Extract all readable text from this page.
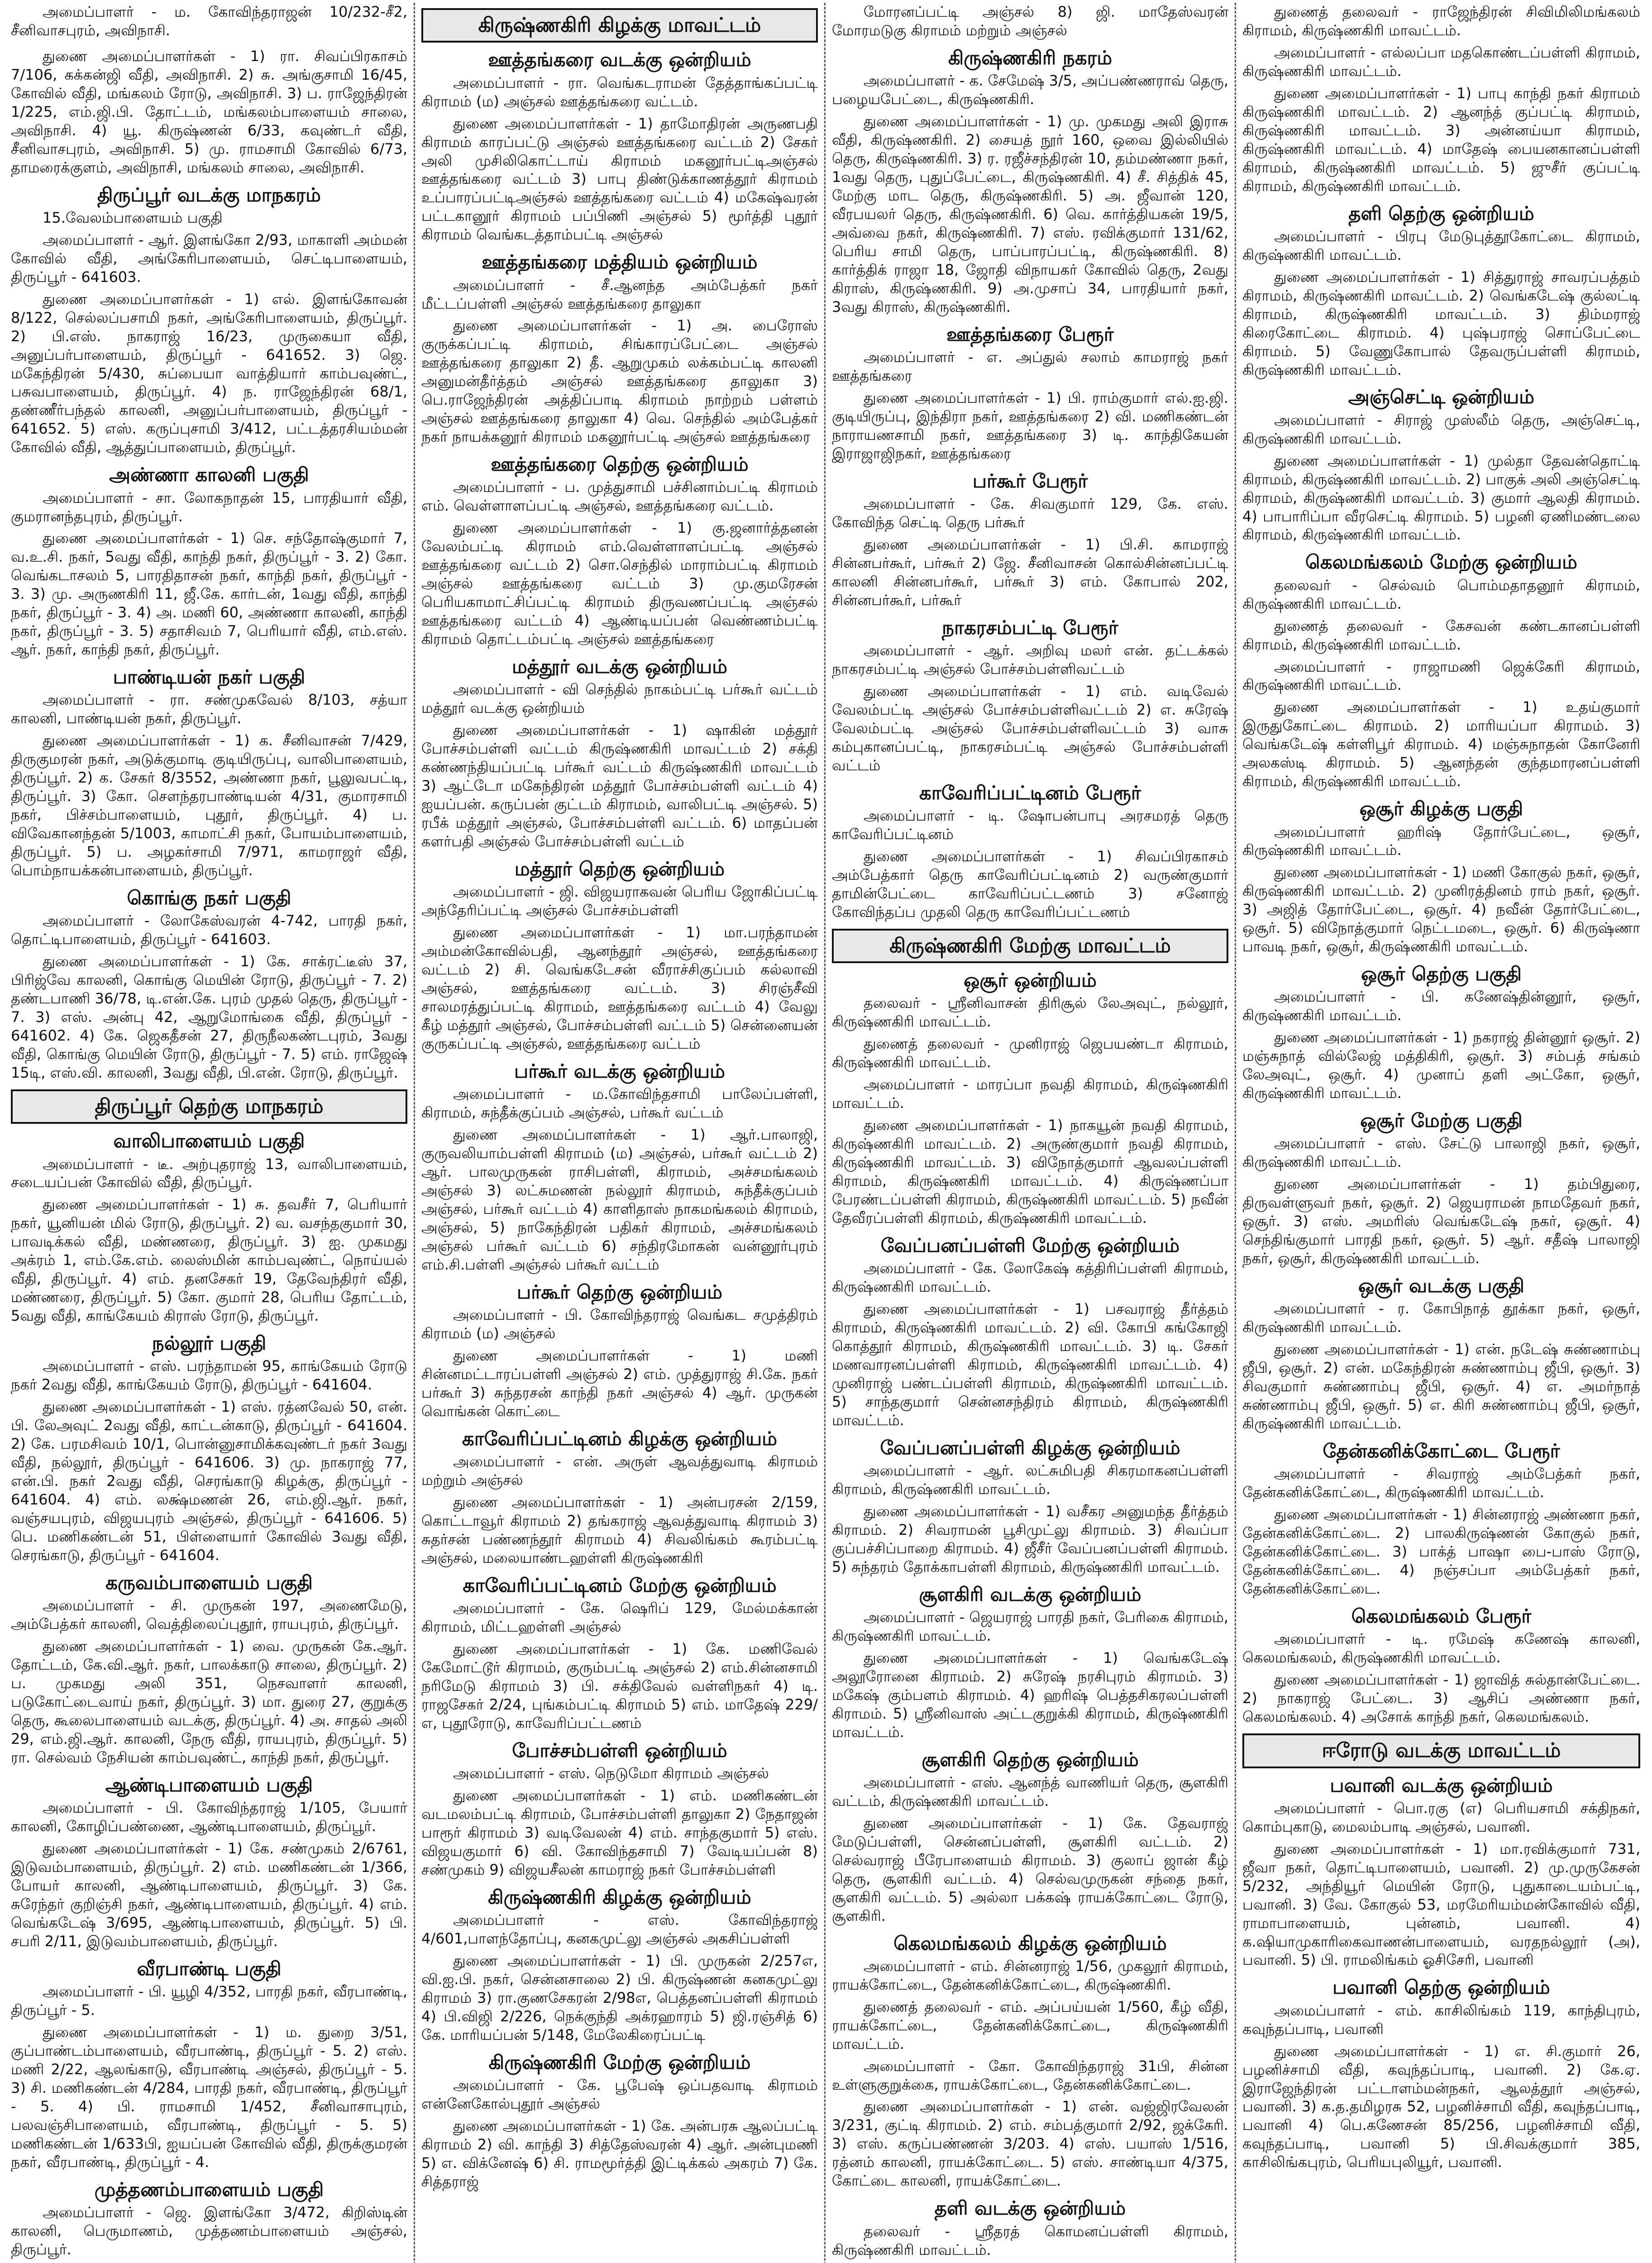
அமைப்பாளர் - ம. கோவிந்தராஜன் 10/232-சீ2, சீனிவாசபுரம், அவிநாசி.
துணை அமைப்பாளர்கள் - 1) ரா. சிவப்பிரகாசம் 7/106, கக்கன்ஜி வீதி, அவிநாசி. 2) சு. அங்குசாமி 16/45, கோவில் வீதி, மங்கலம் ரோடு, அவிநாசி. 3) ப. ராஜேந்திரன் 1/225, எம்.ஜி.பி. தோட்டம், மங்கலம்பாளையம் சாலை, அவிநாசி. 4) யூ. கிருஷ்ணன் 6/33, கவுண்டர் வீதி, சீனிவாசபுரம், அவிநாசி. 5) மு. ராமசாமி கோவில் 6/73, தாமரைக்குளம், அவிநாசி, மங்கலம் சாலை, அவிநாசி.
திருப்பூர் வடக்கு மாநகரம்
15.வேலம்பாளையம் பகுதி
அமைப்பாளர் - ஆர். இளங்கோ 2/93, மாகாளி அம்மன் கோவில் வீதி, அங்கேரிபாளையம், செட்டிபாளையம், திருப்பூர் - 641603.
துணை அமைப்பாளர்கள் - 1) எல். இளங்கோவன் 8/122, செல்லப்பசாமி நகர், அங்கேரிபாளையம், திருப்பூர். 2) பி.எஸ். நாகராஜ் 16/23, முருகையா வீதி, அனுப்பர்பாளையம், திருப்பூர் - 641652. 3) ஜெ. மகேந்திரன் 5/430, சுப்பையா வாத்தியார் காம்பவுண்ட், பசுவபாளையம், திருப்பூர். 4) ந. ராஜேந்திரன் 68/1, தண்ணீர்பந்தல் காலனி, அனுப்பர்பாளையம், திருப்பூர் - 641652. 5) எஸ். கருப்புசாமி 3/412, பட்டத்தரசியம்மன் கோவில் வீதி, ஆத்துப்பாளையம், திருப்பூர்.
அண்ணா காலனி பகுதி
அமைப்பாளர் - சா. லோகநாதன் 15, பாரதியார் வீதி, குமரானந்தபுரம், திருப்பூர்.
துணை அமைப்பாளர்கள் - 1) செ. சந்தோஷ்குமார் 7, வ.உ.சி. நகர், 5வது வீதி, காந்தி நகர், திருப்பூர் - 3. 2) கோ. வெங்கடாசலம் 5, பாரதிதாசன் நகர், காந்தி நகர், திருப்பூர் - 3. 3) மு. அருணகிரி 11, ஜீ.கே. கார்டன், 1வது வீதி, காந்தி நகர், திருப்பூர் - 3. 4) அ. மணி 60, அண்ணா காலனி, காந்தி நகர், திருப்பூர் - 3. 5) சதாசிவம் 7, பெரியார் வீதி, எம்.எஸ். ஆர். நகர், காந்தி நகர், திருப்பூர்.
பாண்டியன் நகர் பகுதி
அமைப்பாளர் - ரா. சண்முகவேல் 8/103, சத்யா காலனி, பாண்டியன் நகர், திருப்பூர்.
துணை அமைப்பாளர்கள் - 1) க. சீனிவாசன் 7/429, திருகுமரன் நகர், அடுக்குமாடி குடியிருப்பு, வாலிபாளையம், திருப்பூர். 2) க. சேகர் 8/3552, அண்ணா நகர், பூலுவபட்டி, திருப்பூர். 3) கோ. செளந்தரபாண்டியன் 4/31, குமாரசாமி நகர், பிச்சம்பாளையம், புதூர், திருப்பூர். 4) ப. விவேகானந்தன் 5/1003, காமாட்சி நகர், போயம்பாளையம், திருப்பூர். 5) ப. அழகர்சாமி 7/971, காமராஜர் வீதி, பொம்நாயக்கன்பாளையம், திருப்பூர்.
கொங்கு நகர் பகுதி
அமைப்பாளர் - லோகேஸ்வரன் 4-742, பாரதி நகர், தொட்டிபாளையம், திருப்பூர் - 641603.
துணை அமைப்பாளர்கள் - 1) கே. சாக்ரட்டீஸ் 37, பிரிஜ்வே காலனி, கொங்கு மெயின் ரோடு, திருப்பூர் - 7. 2) தண்டபாணி 36/78, டி.என்.கே. புரம் முதல் தெரு, திருப்பூர் - 7. 3) எஸ். அன்பு 42, ஆறுமோங்கை வீதி, திருப்பூர் - 641602. 4) கே. ஜெகதீசன் 27, திருநீலகண்டபுரம், 3வது வீதி, கொங்கு மெயின் ரோடு, திருப்பூர் - 7. 5) எம். ராஜேஷ் 15டி, எஸ்.வி. காலனி, 3வது வீதி, பி.என். ரோடு, திருப்பூர்.
திருப்பூர் தெற்கு மாநகரம்
வாலிபாளையம் பகுதி
அமைப்பாளர் - டீ. அற்புதராஜ் 13, வாலிபாளையம், சடையப்பன் கோவில் வீதி, திருப்பூர்.
துணை அமைப்பாளர்கள் - 1) சு. தவசீர் 7, பெரியார் நகர், யூனியன் மில் ரோடு, திருப்பூர். 2) வ. வசந்தகுமார் 30, பாவடிக்கல் வீதி, மண்ணரை, திருப்பூர். 3) ஐ. முகமது அக்ரம் 1, எம்.கே.எம். லைஸ்மின் காம்பவுண்ட், நொய்யல் வீதி, திருப்பூர். 4) எம். தனசேகர் 19, தேவேந்திரர் வீதி, மண்ணரை, திருப்பூர். 5) கோ. குமார் 28, பெரிய தோட்டம், 5வது வீதி, காங்கேயம் கிராஸ் ரோடு, திருப்பூர்.
நல்லூர் பகுதி
அமைப்பாளர் - எஸ். பரந்தாமன் 95, காங்கேயம் ரோடு நகர் 2வது வீதி, காங்கேயம் ரோடு, திருப்பூர் - 641604.
துணை அமைப்பாளர்கள் - 1) எஸ். ரத்னவேல் 50, என். பி. லேஅவுட் 2வது வீதி, காட்டன்காடு, திருப்பூர் - 641604. 2) கே. பரமசிவம் 10/1, பொன்னுசாமிக்கவுண்டர் நகர் 3வது வீதி, நல்லூர், திருப்பூர் - 641606. 3) மு. நாகராஜ் 77, என்.பி. நகர் 2வது வீதி, செரங்காடு கிழக்கு, திருப்பூர் - 641604. 4) எம். லக்ஷ்மணன் 26, எம்.ஜி.ஆர். நகர், வஞ்சயபுரம், விஜயபுரம் அஞ்சல், திருப்பூர் - 641606. 5) பெ. மணிகண்டன் 51, பிள்ளையார் கோவில் 3வது வீதி, செரங்காடு, திருப்பூர் - 641604.
கருவம்பாளையம் பகுதி
அமைப்பாளர் - சி. முருகன் 197, அணைமேடு, அம்பேத்கர் காலனி, வெத்திலைப்புதூர், ராயபுரம், திருப்பூர்.
துணை அமைப்பாளர்கள் - 1) வை. முருகன் கே.ஆர். தோட்டம், கே.வி.ஆர். நகர், பாலக்காடு சாலை, திருப்பூர். 2) ப. முகமது அலி 351, நெசவாளர் காலனி, படுகோட்டைவாய் நகர், திருப்பூர். 3) மா. துரை 27, குறுக்கு தெரு, கூலைபாளையம் வடக்கு, திருப்பூர். 4) அ. சாதல் அலி 29, எம்.ஜி.ஆர். காலனி, நேரு வீதி, ராயபுரம், திருப்பூர். 5) ரா. செல்வம் நேசியன் காம்பவுண்ட், காந்தி நகர், திருப்பூர்.
ஆண்டிபாளையம் பகுதி
அமைப்பாளர் - பி. கோவிந்தராஜ் 1/105, பேயார் காலனி, கோழிப்பண்ணை, ஆண்டிபாளையம், திருப்பூர்.
துணை அமைப்பாளர்கள் - 1) கே. சண்முகம் 2/6761, இடுவம்பாளையம், திருப்பூர். 2) எம். மணிகண்டன் 1/366, போயர் காலனி, ஆண்டிபாளையம், திருப்பூர். 3) கே. சுரேந்தர் குறிஞ்சி நகர், ஆண்டிபாளையம், திருப்பூர். 4) எம். வெங்கடேஷ் 3/695, ஆண்டிபாளையம், திருப்பூர். 5) பி. சபரி 2/11, இடுவம்பாளையம், திருப்பூர்.
வீரபாண்டி பகுதி
அமைப்பாளர் - பி. யூழி 4/352, பாரதி நகர், வீரபாண்டி, திருப்பூர் - 5.
துணை அமைப்பாளர்கள் - 1) ம. துறை 3/51, குப்பாண்டம்பாளையம், வீரபாண்டி, திருப்பூர் - 5. 2) எஸ். மணி 2/22, ஆலங்காடு, வீரபாண்டி அஞ்சல், திருப்பூர் - 5. 3) சி. மணிகண்டன் 4/284, பாரதி நகர், வீரபாண்டி, திருப்பூர் - 5. 4) பி. ராமசாமி 1/452, சீனிவாசாபுரம், பலவஞ்சிபாளையம், வீரபாண்டி, திருப்பூர் - 5. 5) மணிகண்டன் 1/633பி, ஐயப்பன் கோவில் வீதி, திருக்குமரன் நகர், வீரபாண்டி, திருப்பூர் - 4.
முத்தணம்பாளையம் பகுதி
அமைப்பாளர் - ஜெ. இளங்கோ 3/472, கிறிஸ்டின் காலனி, பெருமாணம், முத்தணம்பாளையம் அஞ்சல், திருப்பூர்.
கிருஷ்ணகிரி கிழக்கு மாவட்டம்
ஊத்தங்கரை வடக்கு ஒன்றியம்
அமைப்பாளர் - ரா. வெங்கடராமன் தேத்தாங்கப்பட்டி கிராமம் (ம) அஞ்சல் ஊத்தங்கரை வட்டம்.
துணை அமைப்பாளர்கள் - 1) தாமோதிரன் அருணபதி கிராமம் காரப்பட்டு அஞ்சல் ஊத்தங்கரை வட்டம் 2) சேகர் அலி முசிலிகொட்டாய் கிராமம் மகனூர்பட்டிஅஞ்சல் ஊத்தங்கரை வட்டம் 3) பாபு திண்டுக்காணத்தூர் கிராமம் உப்பாரப்பட்டிஅஞ்சல் ஊத்தங்கரை வட்டம் 4) மகேஷ்வரன் பட்டகானூர் கிராமம் பப்பிணி அஞ்சல் 5) மூர்த்தி புதூர் கிராமம் வெங்கடத்தாம்பட்டி அஞ்சல்
ஊத்தங்கரை மத்தியம் ஒன்றியம்
அமைப்பாளர் - சீ.ஆனந்த அம்பேத்கர் நகர் மீட்டப்பள்ளி அஞ்சல் ஊத்தங்கரை தாலுகா
துணை அமைப்பாளர்கள் - 1) அ. பைரோஸ் குருக்கப்பட்டி கிராமம், சிங்காரப்பேட்டை அஞ்சல் ஊத்தங்கரை தாலுகா 2) தீ. ஆறுமுகம் லக்கம்பட்டி காலனி அனுமன்தீர்த்தம் அஞ்சல் ஊத்தங்கரை தாலுகா 3) பெ.ராஜேந்திரன் அத்திப்பாடி கிராமம் நாற்றம் பள்ளம் அஞ்சல் ஊத்தங்கரை தாலுகா 4) வெ. செந்தில் அம்பேத்கர் நகர் நாயக்கனூர் கிராமம் மகனூர்பட்டி அஞ்சல் ஊத்தங்கரை
ஊத்தங்கரை தெற்கு ஒன்றியம்
அமைப்பாளர் - ப. முத்துசாமி பச்சினாம்பட்டி கிராமம் எம். வெள்ளாளப்பட்டி அஞ்சல், ஊத்தங்கரை வட்டம்.
துணை அமைப்பாளர்கள் - 1) கு.ஜனார்த்தனன் வேலம்பட்டி கிராமம் எம்.வெள்ளாளப்பட்டி அஞ்சல் ஊத்தங்கரை வட்டம் 2) சொ.செந்தில் மாராம்பட்டி கிராமம் அஞ்சல் ஊத்தங்கரை வட்டம் 3) மு.குமரேசன் பெரியகாமாட்சிப்பட்டி கிராமம் திருவணப்பட்டி அஞ்சல் ஊத்தங்கரை வட்டம் 4) ஆண்டியப்பன் வெண்ணம்பட்டி கிராமம் தொட்டம்பட்டி அஞ்சல் ஊத்தங்கரை
மத்தூர் வடக்கு ஒன்றியம்
அமைப்பாளர் - வி செந்தில் நாகம்பட்டி பர்கூர் வட்டம் மத்தூர் வடக்கு ஒன்றியம்
துணை அமைப்பாளர்கள் - 1) ஷாகின் மத்தூர் போச்சம்பள்ளி வட்டம் கிருஷ்ணகிரி மாவட்டம் 2) சக்தி கண்ணந்தியப்பட்டி பர்கூர் வட்டம் கிருஷ்ணகிரி மாவட்டம் 3) ஆட்டோ மகேந்திரன் மத்தூர் போச்சம்பள்ளி வட்டம் 4) ஐயப்பன். கருப்பன் குட்டம் கிராமம், வாலிபட்டி அஞ்சல். 5) ரபீக் மத்தூர் அஞ்சல், போச்சம்பள்ளி வட்டம். 6) மாதப்பன் களர்பதி அஞ்சல் போச்சம்பள்ளி வட்டம்
மத்தூர் தெற்கு ஒன்றியம்
அமைப்பாளர் - ஜி. விஜயராகவன் பெரிய ஜோகிப்பட்டி அந்தேரிப்பட்டி அஞ்சல் போச்சம்பள்ளி
துணை அமைப்பாளர்கள் - 1) மா.பரந்தாமன் அம்மன்கோவில்பதி, ஆனந்தூர் அஞ்சல், ஊத்தங்கரை வட்டம் 2) சி. வெங்கடேசன் வீராச்சிகுப்பம் கல்லாவி அஞ்சல், ஊத்தங்கரை வட்டம். 3) சிரஞ்சீவி சாலமரத்துப்பட்டி கிராமம், ஊத்தங்கரை வட்டம் 4) வேலு கீழ் மத்தூர் அஞ்சல், போச்சம்பள்ளி வட்டம் 5) சென்னையன் குருகப்பட்டி அஞ்சல், ஊத்தங்கரை வட்டம்
பர்கூர் வடக்கு ஒன்றியம்
அமைப்பாளர் - ம.கோவிந்தசாமி பாலேப்பள்ளி, கிராமம், சுந்தீக்குப்பம் அஞ்சல், பர்கூர் வட்டம்
துணை அமைப்பாளர்கள் - 1) ஆர்.பாலாஜி, குருவலியாம்பள்ளி கிராமம் (ம) அஞ்சல், பர்கூர் வட்டம் 2) ஆர். பாலமுருகன் ராசிபள்ளி, கிராமம், அச்சமங்கலம் அஞ்சல் 3) லட்சுமணன் நல்லூர் கிராமம், சுந்தீக்குப்பம் அஞ்சல், பர்கூர் வட்டம் 4) காளிதாஸ் நாகமங்கலம் கிராமம், அஞ்சல், 5) நாகேந்திரன் பதிகர் கிராமம், அச்சமங்கலம் அஞ்சல் பர்கூர் வட்டம் 6) சந்திரமோகன் வன்னூர்புரம் எம்.சி.பள்ளி அஞ்சல் பர்கூர் வட்டம்
பர்கூர் தெற்கு ஒன்றியம்
அமைப்பாளர் - பி. கோவிந்தராஜ் வெங்கட சமுத்திரம் கிராமம் (ம) அஞ்சல்
துணை அமைப்பாளர்கள் - 1) மணி சின்னமட்டாரப்பள்ளி அஞ்சல் 2) எம். முத்துராஜ் சி.கே. நகர் பர்கூர் 3) சுந்தரசன் காந்தி நகர் அஞ்சல் 4) ஆர். முருகன் வொங்கன் கொட்டை
காவேரிப்பட்டினம் கிழக்கு ஒன்றியம்
அமைப்பாளர் - என். அருள் ஆவத்துவாடி கிராமம் மற்றும் அஞ்சல்
துணை அமைப்பாளர்கள் - 1) அன்பரசன் 2/159, கொட்டாவூர் கிராமம் 2) தங்கராஜ் ஆவத்துவாடி கிராமம் 3) சுதர்சன் பண்ணந்தூர் கிராமம் 4) சிவலிங்கம் கூரம்பட்டி அஞ்சல், மலையாண்டஹள்ளி கிருஷ்ணகிரி
காவேரிப்பட்டினம் மேற்கு ஒன்றியம்
அமைப்பாளர் - கே. ஷெரிப் 129, மேல்மக்கான் கிராமம், மிட்டஹள்ளி அஞ்சல்
துணை அமைப்பாளர்கள் - 1) கே. மணிவேல் கேமோட்டூர் கிராமம், குரும்பட்டி அஞ்சல் 2) எம்.சின்னசாமி நரிமேடு கிராமம் 3) பி. சக்திவேல் வள்ளிநகர் 4) டி. ராஜசேகர் 2/24, புங்கம்பட்டி கிராமம் 5) எம். மாதேஷ் 229/எ, புதூரோடு, காவேரிப்பட்டணம்
போச்சம்பள்ளி ஒன்றியம்
அமைப்பாளர் - எஸ். நெடுமோ கிராமம் அஞ்சல்
துணை அமைப்பாளர்கள் - 1) எம். மணிகண்டன் வடமலம்பட்டி கிராமம், போச்சம்பள்ளி தாலுகா 2) நேதாஜன் பாரூர் கிராமம் 3) வடிவேலன் 4) எம். சாந்தகுமார் 5) எஸ். விஜயகுமார் 6) வி. கோவிந்தசாமி 7) வேடியப்பன் 8) சண்முகம் 9) விஜயசீலன் காமராஜ் நகர் போச்சம்பள்ளி
கிருஷ்ணகிரி கிழக்கு ஒன்றியம்
அமைப்பாளர் - எஸ். கோவிந்தராஜ் 4/601,பாளந்தோப்பு, கனகமுட்லு அஞ்சல் அகசிப்பள்ளி
துணை அமைப்பாளர்கள் - 1) பி. முருகன் 2/257எ, வி.ஐ.பி. நகர், சென்னசாலை 2) பி. கிருஷ்ணன் கனகமுட்லு கிராமம் 3) ரா.குணசேகரன் 2/98எ, பெத்தனப்பள்ளி கிராமம் 4) பி.விஜி 2/226, நெக்குந்தி அக்ரஹாரம் 5) ஜி.ரஞ்சித் 6) கே. மாரியப்பன் 5/148, மேலேகிரைப்பட்டி
கிருஷ்ணகிரி மேற்கு ஒன்றியம்
அமைப்பாளர் - கே. பூபேஷ் ஒப்பதவாடி கிராமம் என்னேகோல்புதூர் அஞ்சல்
துணை அமைப்பாளர்கள் - 1) கே. அன்பரசு ஆலப்பட்டி கிராமம் 2) வி. காந்தி 3) சித்தேஸ்வரன் 4) ஆர். அன்புமணி 5) எ. விக்னேஷ் 6) சி. ராமமூர்த்தி இட்டிக்கல் அகரம் 7) கே. சித்தராஜ்
மோரனப்பட்டி அஞ்சல் 8) ஜி. மாதேஸ்வரன் மோரமடுகு கிராமம் மற்றும் அஞ்சல்
கிருஷ்ணகிரி நகரம்
அமைப்பாளர் - க. சேமேஷ் 3/5, அப்பண்ணராவ் தெரு, பழையபேட்டை, கிருஷ்ணகிரி.
துணை அமைப்பாளர்கள் - 1) மு. முகமது அலி இராசு வீதி, கிருஷ்ணகிரி. 2) சையத் நூர் 160, ஒவை இல்லியில் தெரு, கிருஷ்ணகிரி. 3) ர. ரஜீச்சந்திரன் 10, தம்மண்ணா நகர், 1வது தெரு, புதுப்பேட்டை, கிருஷ்ணகிரி. 4) சீ. சித்திக் 45, மேற்கு மாட தெரு, கிருஷ்ணகிரி. 5) அ. ஜீவான் 120, வீரபயலர் தெரு, கிருஷ்ணகிரி. 6) வெ. கார்த்தியகன் 19/5, அவ்வை நகர், கிருஷ்ணகிரி. 7) எஸ். ரவிக்குமார் 131/62, பெரிய சாமி தெரு, பாப்பாரப்பட்டி, கிருஷ்ணகிரி. 8) கார்த்திக் ராஜா 18, ஜோதி விநாயகர் கோவில் தெரு, 2வது கிராஸ், கிருஷ்ணகிரி. 9) அ.முசாப் 34, பாரதியார் நகர், 3வது கிராஸ், கிருஷ்ணகிரி.
ஊத்தங்கரை பேரூர்
அமைப்பாளர் - எ. அப்துல் சலாம் காமராஜ் நகர் ஊத்தங்கரை
துணை அமைப்பாளர்கள் - 1) பி. ராம்குமார் எல்.ஐ.ஜி. குடியிருப்பு, இந்திரா நகர், ஊத்தங்கரை 2) வி. மணிகண்டன் நாராயணசாமி நகர், ஊத்தங்கரை 3) டி. காந்திகேயன் இராஜாஜிநகர், ஊத்தங்கரை
பர்கூர் பேரூர்
அமைப்பாளர் - கே. சிவகுமார் 129, கே. எஸ். கோவிந்த செட்டி தெரு பர்கூர்
துணை அமைப்பாளர்கள் - 1) பி.சி. காமராஜ் சின்னபர்கூர், பர்கூர் 2) ஜே. சீனிவாசன் கொல்சின்னப்பட்டி காலனி சின்னபர்கூர், பர்கூர் 3) எம். கோபால் 202, சின்னபர்கூர், பர்கூர்
நாகரசம்பட்டி பேரூர்
அமைப்பாளர் - ஆர். அறிவு மலர் என். தட்டக்கல் நாகரசம்பட்டி அஞ்சல் போச்சம்பள்ளிவட்டம்
துணை அமைப்பாளர்கள் - 1) எம். வடிவேல் வேலம்பட்டி அஞ்சல் போச்சம்பள்ளிவட்டம் 2) எ. சுரேஷ் வேலம்பட்டி அஞ்சல் போச்சம்பள்ளிவட்டம் 3) வாசு கம்புகானப்பட்டி, நாகரசம்பட்டி அஞ்சல் போச்சம்பள்ளி வட்டம்
காவேரிப்பட்டினம் பேரூர்
அமைப்பாளர் - டி. ஷோபன்பாபு அரசமரத் தெரு காவேரிப்பட்டினம்
துணை அமைப்பாளர்கள் - 1) சிவப்பிரகாசம் அம்பேத்கார் தெரு காவேரிப்பட்டினம் 2) வருண்குமார் தாமின்பேட்டை காவேரிப்பட்டணம் 3) சனோஜ் கோவிந்தப்ப முதலி தெரு காவேரிப்பட்டணம்
கிருஷ்ணகிரி மேற்கு மாவட்டம்
ஒசூர் ஒன்றியம்
தலைவர் - ஸ்ரீனிவாசன் திரிசூல் லேஅவுட், நல்லூர், கிருஷ்ணகிரி மாவட்டம்.
துணைத் தலைவர் - முனிராஜ் ஜெபயண்டா கிராமம், கிருஷ்ணகிரி மாவட்டம்.
அமைப்பாளர் - மாரப்பா நவதி கிராமம், கிருஷ்ணகிரி மாவட்டம்.
துணை அமைப்பாளர்கள் - 1) நாகயூன் நவதி கிராமம், கிருஷ்ணகிரி மாவட்டம். 2) அருண்குமார் நவதி கிராமம், கிருஷ்ணகிரி மாவட்டம். 3) விநோத்குமார் ஆவலப்பள்ளி கிராமம், கிருஷ்ணகிரி மாவட்டம். 4) கிருஷ்ணப்பா பேரண்டப்பள்ளி கிராமம், கிருஷ்ணகிரி மாவட்டம். 5) நவீன் தேவீரப்பள்ளி கிராமம், கிருஷ்ணகிரி மாவட்டம்.
வேப்பனப்பள்ளி மேற்கு ஒன்றியம்
அமைப்பாளர் - கே. லோகேஷ் கத்திரிப்பள்ளி கிராமம், கிருஷ்ணகிரி மாவட்டம்.
துணை அமைப்பாளர்கள் - 1) பசவராஜ் தீர்த்தம் கிராமம், கிருஷ்ணகிரி மாவட்டம். 2) வி. கோபி கங்கோஜி கொத்தூர் கிராமம், கிருஷ்ணகிரி மாவட்டம். 3) டி. சேகர் மணவாரனப்பள்ளி கிராமம், கிருஷ்ணகிரி மாவட்டம். 4) முனிராஜ் பண்டப்பள்ளி கிராமம், கிருஷ்ணகிரி மாவட்டம். 5) சாந்தகுமார் சென்னசந்திரம் கிராமம், கிருஷ்ணகிரி மாவட்டம்.
வேப்பனப்பள்ளி கிழக்கு ஒன்றியம்
அமைப்பாளர் - ஆர். லட்சுமிபதி சிகரமாகனப்பள்ளி கிராமம், கிருஷ்ணகிரி மாவட்டம்.
துணை அமைப்பாளர்கள் - 1) வசீகர அனுமந்த தீர்த்தம் கிராமம். 2) சிவராமன் பூசிமுட்லு கிராமம். 3) சிவப்பா குப்பச்சிப்பாறை கிராமம். 4) ஜீசீர் வேப்பனப்பள்ளி கிராமம். 5) சுந்தரம் தோக்காபள்ளி கிராமம், கிருஷ்ணகிரி மாவட்டம்.
சூளகிரி வடக்கு ஒன்றியம்
அமைப்பாளர் - ஜெயராஜ் பாரதி நகர், பேரிகை கிராமம், கிருஷ்ணகிரி மாவட்டம்.
துணை அமைப்பாளர்கள் - 1) வெங்கடேஷ் அலூரோனை கிராமம். 2) சுரேஷ் நரசிபுரம் கிராமம். 3) மகேஷ் கும்பளம் கிராமம். 4) ஹரிஷ் பெத்தசிகரலப்பள்ளி கிராமம். 5) ஸ்ரீனிவாஸ் அட்டகுறுக்கி கிராமம், கிருஷ்ணகிரி மாவட்டம்.
சூளகிரி தெற்கு ஒன்றியம்
அமைப்பாளர் - எஸ். ஆனந்த் வாணியர் தெரு, சூளகிரி வட்டம், கிருஷ்ணகிரி மாவட்டம்.
துணை அமைப்பாளர்கள் - 1) கே. தேவராஜ் மேடுப்பள்ளி, சென்னப்பள்ளி, சூளகிரி வட்டம். 2) செல்வராஜ் பீரேபாளையம் கிராமம். 3) குலாப் ஜான் கீழ் தெரு, சூளகிரி வட்டம். 4) செல்வமுருகன் சந்தை நகர், சூளகிரி வட்டம். 5) அல்லா பக்கஷ் ராயக்கோட்டை ரோடு, சூளகிரி.
கெலமங்கலம் கிழக்கு ஒன்றியம்
அமைப்பாளர் - எம். சின்னராஜ் 1/56, முகலூர் கிராமம், ராயக்கோட்டை, தேன்கனிக்கோட்டை, கிருஷ்ணகிரி.
துணைத் தலைவர் - எம். அப்பய்யன் 1/560, கீழ் வீதி, ராயக்கோட்டை, தேன்கனிக்கோட்டை, கிருஷ்ணகிரி மாவட்டம்.
அமைப்பாளர் - கோ. கோவிந்தராஜ் 31பி, சின்ன உள்ளுகுறுக்கை, ராயக்கோட்டை, தேன்கனிக்கோட்டை.
துணை அமைப்பாளர்கள் - 1) என். வஜ்ஜிரவேலன் 3/231, குட்டி கிராமம். 2) எம். சம்பத்குமார் 2/92, ஜக்கேரி. 3) எஸ். கருப்பண்ணன் 3/203. 4) எஸ். பயாஸ் 1/516, ரத்னம் காலனி, ராயக்கோட்டை. 5) எஸ். சாண்டியா 4/375, கோட்டை காலனி, ராயக்கோட்டை.
தளி வடக்கு ஒன்றியம்
தலைவர் - ஸ்ரீதரத் கொமனப்பள்ளி கிராமம், கிருஷ்ணகிரி மாவட்டம்.
துணைத் தலைவர் - ராஜேந்திரன் சிவிமிலிமங்கலம் கிராமம், கிருஷ்ணகிரி மாவட்டம்.
அமைப்பாளர் - எல்லப்பா மதகொண்டப்பள்ளி கிராமம், கிருஷ்ணகிரி மாவட்டம்.
துணை அமைப்பாளர்கள் - 1) பாபு காந்தி நகர் கிராமம் கிருஷ்ணகிரி மாவட்டம். 2) ஆனந்த் குப்பட்டி கிராமம், கிருஷ்ணகிரி மாவட்டம். 3) அன்னய்யா கிராமம், கிருஷ்ணகிரி மாவட்டம். 4) மாதேஷ் பையனகானப்பள்ளி கிராமம், கிருஷ்ணகிரி மாவட்டம். 5) ஜுசீர் குப்பட்டி கிராமம், கிருஷ்ணகிரி மாவட்டம்.
தளி தெற்கு ஒன்றியம்
அமைப்பாளர் - பிரபு மேடுபுத்தூகோட்டை கிராமம், கிருஷ்ணகிரி மாவட்டம்.
துணை அமைப்பாளர்கள் - 1) சித்துராஜ் சாவரப்பத்தம் கிராமம், கிருஷ்ணகிரி மாவட்டம். 2) வெங்கடேஷ் குல்லட்டி கிராமம், கிருஷ்ணகிரி மாவட்டம். 3) திம்மராஜ் கிரைகோட்டை கிராமம். 4) புஷ்பராஜ் சொப்பேட்டை கிராமம். 5) வேணுகோபால் தேவருப்பள்ளி கிராமம், கிருஷ்ணகிரி மாவட்டம்.
அஞ்செட்டி ஒன்றியம்
அமைப்பாளர் - சிராஜ் முஸ்லீம் தெரு, அஞ்செட்டி, கிருஷ்ணகிரி மாவட்டம்.
துணை அமைப்பாளர்கள் - 1) முல்தா தேவன்தொட்டி கிராமம், கிருஷ்ணகிரி மாவட்டம். 2) பாகுக் அலி அஞ்செட்டி கிராமம், கிருஷ்ணகிரி மாவட்டம். 3) குமார் ஆலதி கிராமம். 4) பாபாரிப்பா வீரசெட்டி கிராமம். 5) பழனி ஏணிமண்டலை கிராமம், கிருஷ்ணகிரி மாவட்டம்.
கெலமங்கலம் மேற்கு ஒன்றியம்
தலைவர் - செல்வம் பொம்மதாதனூர் கிராமம், கிருஷ்ணகிரி மாவட்டம்.
துணைத் தலைவர் - கேசவன் கண்டகானப்பள்ளி கிராமம், கிருஷ்ணகிரி மாவட்டம்.
அமைப்பாளர் - ராஜாமணி ஜெக்கேரி கிராமம், கிருஷ்ணகிரி மாவட்டம்.
துணை அமைப்பாளர்கள் - 1) உதய்குமார் இருதுகோட்டை கிராமம். 2) மாரியப்பா கிராமம். 3) வெங்கடேஷ் கள்ளிபூர் கிராமம். 4) மஞ்சுநாதன் கோனேரி அலகஸ்டி கிராமம். 5) ஆனந்தன் குந்தமாரனப்பள்ளி கிராமம், கிருஷ்ணகிரி மாவட்டம்.
ஒசூர் கிழக்கு பகுதி
அமைப்பாளர் ஹரிஷ் தோர்பேட்டை, ஒசூர், கிருஷ்ணகிரி மாவட்டம்.
துணை அமைப்பாளர்கள் - 1) மணி கோகுல் நகர், ஒசூர், கிருஷ்ணகிரி மாவட்டம். 2) முனிரத்தினம் ராம் நகர், ஒசூர். 3) அஜித் தோர்பேட்டை, ஒசூர். 4) நவீன் தோர்பேட்டை, ஒசூர். 5) விநோத்குமார் நெட்டமடை, ஒசூர். 6) கிருஷ்ணா பாவடி நகர், ஒசூர், கிருஷ்ணகிரி மாவட்டம்.
ஒசூர் தெற்கு பகுதி
அமைப்பாளர் - பி. கணேஷ்தின்னூர், ஒசூர், கிருஷ்ணகிரி மாவட்டம்.
துணை அமைப்பாளர்கள் - 1) நகராஜ் தின்னூர் ஒசூர். 2) மஞ்சுநாத் வில்லேஜ் மத்திகிரி, ஒசூர். 3) சம்பத் சங்கம் லேஅவுட், ஒசூர். 4) முனாப் தளி அட்கோ, ஒசூர், கிருஷ்ணகிரி மாவட்டம்.
ஒசூர் மேற்கு பகுதி
அமைப்பாளர் - எஸ். சேட்டு பாலாஜி நகர், ஒசூர், கிருஷ்ணகிரி மாவட்டம்.
துணை அமைப்பாளர்கள் - 1) தம்பிதுரை, திருவள்ளுவர் நகர், ஒசூர். 2) ஜெயராமன் நாமதேவர் நகர், ஒசூர். 3) எஸ். அமரிஸ் வெங்கடேஷ் நகர், ஒசூர். 4) செந்திங்குமார் பாரதி நகர், ஒசூர். 5) ஆர். சதீஷ் பாலாஜி நகர், ஒசூர், கிருஷ்ணகிரி மாவட்டம்.
ஒசூர் வடக்கு பகுதி
அமைப்பாளர் - ர. கோபிநாத் தூக்கா நகர், ஒசூர், கிருஷ்ணகிரி மாவட்டம்.
துணை அமைப்பாளர்கள் - 1) என். நடேஷ் சுண்ணாம்பு ஜீபி, ஒசூர். 2) என். மகேந்திரன் சுண்ணாம்பு ஜீபி, ஒசூர். 3) சிவகுமார் சுண்ணாம்பு ஜீபி, ஒசூர். 4) எ. அமர்நாத் சுண்ணாம்பு ஜீபி, ஒசூர். 5) எ. கிரி சுண்ணாம்பு ஜீபி, ஒசூர், கிருஷ்ணகிரி மாவட்டம்.
தேன்கனிக்கோட்டை பேரூர்
அமைப்பாளர் - சிவராஜ் அம்பேத்கர் நகர், தேன்கனிக்கோட்டை, கிருஷ்ணகிரி மாவட்டம்.
துணை அமைப்பாளர்கள் - 1) சின்னராஜ் அண்ணா நகர், தேன்கனிக்கோட்டை. 2) பாலகிருஷ்ணன் கோகுல் நகர், தேன்கனிக்கோட்டை. 3) பாக்த் பாஷா பை-பாஸ் ரோடு, தேன்கனிக்கோட்டை. 4) நஞ்சப்பா அம்பேத்கர் நகர், தேன்கனிக்கோட்டை.
கெலமங்கலம் பேரூர்
அமைப்பாளர் - டி. ரமேஷ் கணேஷ் காலனி, கெலமங்கலம், கிருஷ்ணகிரி மாவட்டம்.
துணை அமைப்பாளர்கள் - 1) ஜாவித் சுல்தான்பேட்டை. 2) நாகராஜ் பேட்டை. 3) ஆசிப் அண்ணா நகர், கெலமங்கலம். 4) அசோக் காந்தி நகர், கெலமங்கலம்.
ஈரோடு வடக்கு மாவட்டம்
பவானி வடக்கு ஒன்றியம்
அமைப்பாளர் - பொ.ரகு (எ) பெரியசாமி சக்திநகர், கொம்புகாடு, மைலம்பாடி அஞ்சல், பவானி.
துணை அமைப்பாளர்கள் - 1) மா.ரவிக்குமார் 731, ஜீவா நகர், தொட்டிபாளையம், பவானி. 2) மு.முருகேசன் 5/232, அந்தியூர் மெயின் ரோடு, புதுகாடையம்பட்டி, பவானி. 3) வே. கோகுல் 53, மரமேரியம்மன்கோவில் வீதி, ராமாபாளையம், புன்னம், பவானி. 4) க.ஷியாமுகாரிகைவாணன்பாளையம், வரதநல்லூர் (அ), பவானி. 5) பி. ராமலிங்கம் ஓசிசேரி, பவானி
பவானி தெற்கு ஒன்றியம்
அமைப்பாளர் - எம். காசிலிங்கம் 119, காந்திபுரம், கவுந்தப்பாடி, பவானி
துணை அமைப்பாளர்கள் - 1) எ. சி.குமார் 26, பழனிச்சாமி வீதி, கவுந்தப்பாடி, பவானி. 2) கே.ஏ. இராஜேந்திரன் பட்டாளம்மன்நகர், ஆலத்தூர் அஞ்சல், பவானி. 3) க.த.தமிழரசு 52, பழனிச்சாமி வீதி, கவுந்தப்பாடி, பவானி 4) பெ.கணேசன் 85/256, பழனிச்சாமி வீதி, கவுந்தப்பாடி, பவானி 5) பி.சிவக்குமார் 385, காசிலிங்கபுரம், பெரியபுலியூர், பவானி.
